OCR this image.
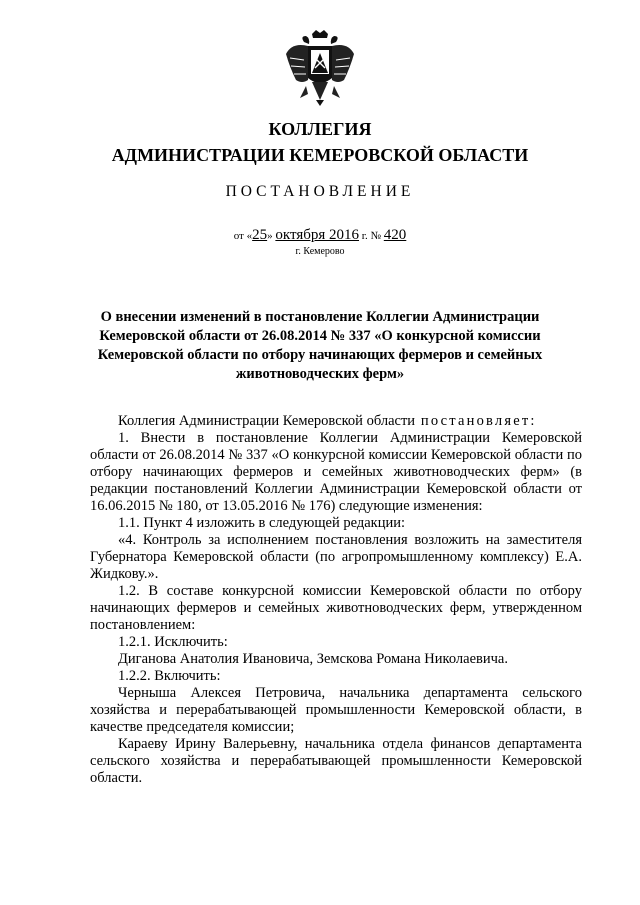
КОЛЛЕГИЯ
АДМИНИСТРАЦИИ КЕМЕРОВСКОЙ ОБЛАСТИ
ПОСТАНОВЛЕНИЕ
от «25» октября 2016 г. № 420
г. Кемерово
О внесении изменений в постановление Коллегии Администрации Кемеровской области от 26.08.2014 № 337 «О конкурсной комиссии Кемеровской области по отбору начинающих фермеров и семейных животноводческих ферм»

Коллегия Администрации Кемеровской области постановляет:

1. Внести в постановление Коллегии Администрации Кемеровской области от 26.08.2014 № 337 «О конкурсной комиссии Кемеровской области по отбору начинающих фермеров и семейных животноводческих ферм» (в редакции постановлений Коллегии Администрации Кемеровской области от 16.06.2015 № 180, от 13.05.2016 № 176) следующие изменения:

1.1. Пункт 4 изложить в следующей редакции:

«4. Контроль за исполнением постановления возложить на заместителя Губернатора Кемеровской области (по агропромышленному комплексу) Е.А. Жидкову.».

1.2. В составе конкурсной комиссии Кемеровской области по отбору начинающих фермеров и семейных животноводческих ферм, утвержденном постановлением:

1.2.1. Исключить:

Диганова Анатолия Ивановича, Земскова Романа Николаевича.

1.2.2. Включить:

Черныша Алексея Петровича, начальника департамента сельского хозяйства и перерабатывающей промышленности Кемеровской области, в качестве председателя комиссии;

Караеву Ирину Валерьевну, начальника отдела финансов департамента сельского хозяйства и перерабатывающей промышленности Кемеровской области.
